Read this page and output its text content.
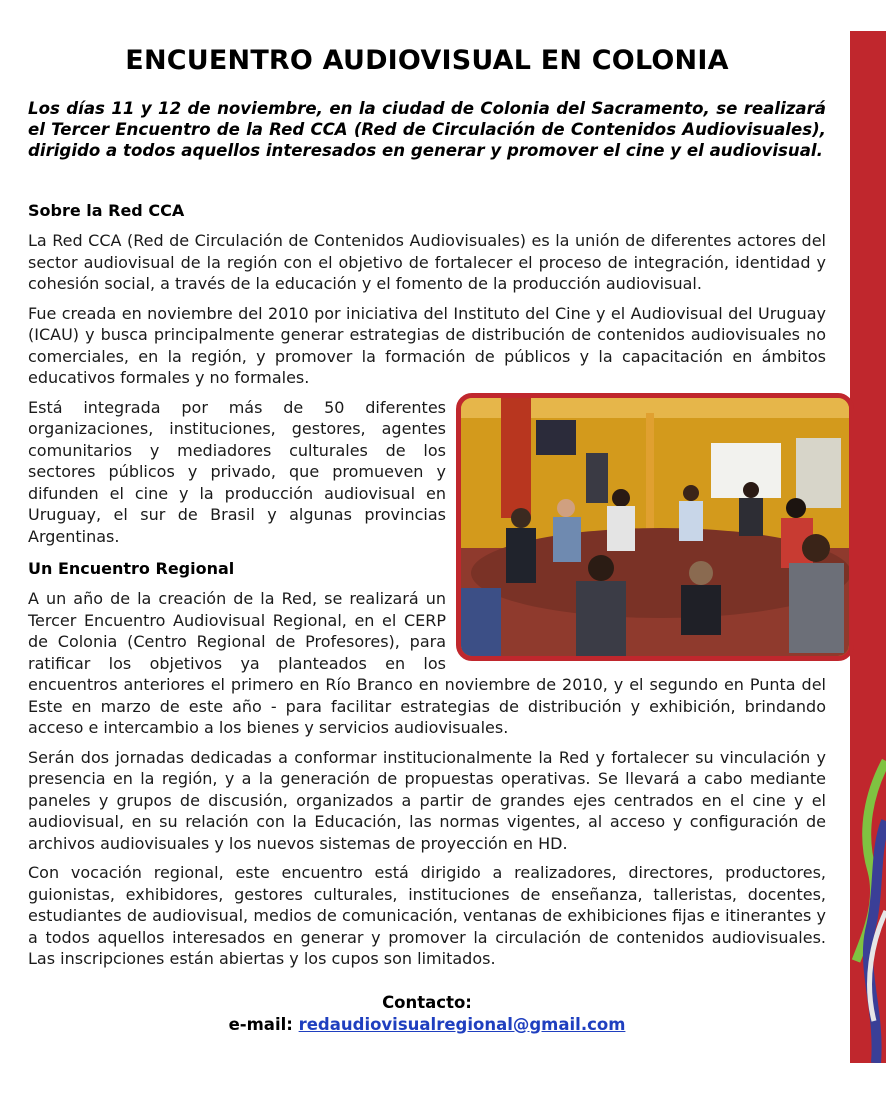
ENCUENTRO AUDIOVISUAL EN COLONIA

Los días 11 y 12 de noviembre, en la ciudad de Colonia del Sacramento, se realizará el Tercer Encuentro de la Red CCA (Red de Circulación de Contenidos Audiovisuales), dirigido a todos aquellos interesados en generar y promover el cine y el audiovisual.

Sobre la Red CCA

La Red CCA (Red de Circulación de Contenidos Audiovisuales) es la unión de diferentes actores del sector audiovisual de la región con el objetivo de fortalecer el proceso de integración, identidad y cohesión social, a través de la educación y el fomento de la producción audiovisual.

Fue creada en noviembre del 2010 por iniciativa del Instituto del Cine y el Audiovisual del Uruguay (ICAU) y busca principalmente generar estrategias de distribución de contenidos audiovisuales no comerciales, en la región, y promover la formación de públicos y la capacitación en ámbitos educativos formales y no formales.

Está integrada por más de 50 diferentes organizaciones, instituciones, gestores, agentes comunitarios y mediadores culturales de los sectores públicos y privado, que promueven y difunden el cine y la producción audiovisual en Uruguay, el sur de Brasil y algunas provincias Argentinas.

Un Encuentro Regional

A un año de la creación de la Red, se realizará un Tercer Encuentro Audiovisual Regional, en el CERP de Colonia (Centro Regional de Profesores), para ratificar los objetivos ya planteados en los encuentros anteriores el primero en Río Branco en noviembre de 2010, y el segundo en Punta del Este en marzo de este año - para facilitar estrategias de distribución y exhibición, brindando acceso e intercambio a los bienes y servicios audiovisuales.

Serán dos jornadas dedicadas a conformar institucionalmente la Red y fortalecer su vinculación y presencia en la región, y a la generación de propuestas operativas. Se llevará a cabo mediante paneles y grupos de discusión, organizados a partir de grandes ejes centrados en el cine y el audiovisual, en su relación con la Educación, las normas vigentes, al acceso y configuración de archivos audiovisuales y los nuevos sistemas de proyección en HD.

Con vocación regional, este encuentro está dirigido a realizadores, directores, productores, guionistas, exhibidores, gestores culturales, instituciones de enseñanza, talleristas, docentes, estudiantes de audiovisual, medios de comunicación, ventanas de exhibiciones fijas e itinerantes y a todos aquellos interesados en generar y promover la circulación de contenidos audiovisuales. Las inscripciones están abiertas y los cupos son limitados.

Contacto:
e-mail: redaudiovisualregional@gmail.com
